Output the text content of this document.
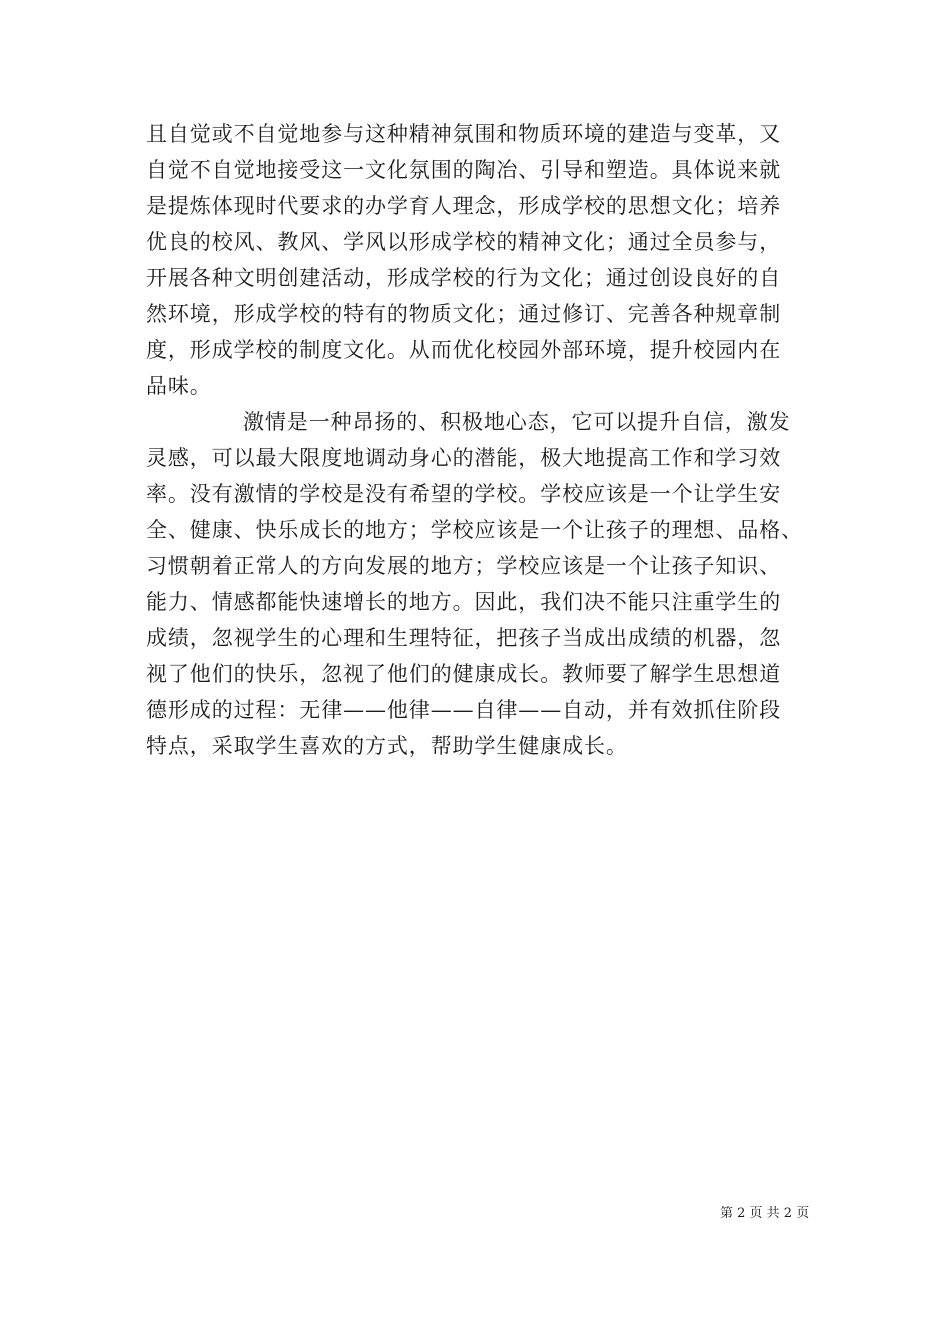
且自觉或不自觉地参与这种精神氛围和物质环境的建造与变革，又
自觉不自觉地接受这一文化氛围的陶冶、引导和塑造。具体说来就
是提炼体现时代要求的办学育人理念，形成学校的思想文化；培养
优良的校风、教风、学风以形成学校的精神文化；通过全员参与，
开展各种文明创建活动，形成学校的行为文化；通过创设良好的自
然环境，形成学校的特有的物质文化；通过修订、完善各种规章制
度，形成学校的制度文化。从而优化校园外部环境，提升校园内在
品味。
激情是一种昂扬的、积极地心态，它可以提升自信，激发
灵感，可以最大限度地调动身心的潜能，极大地提高工作和学习效
率。没有激情的学校是没有希望的学校。学校应该是一个让学生安
全、健康、快乐成长的地方；学校应该是一个让孩子的理想、品格、
习惯朝着正常人的方向发展的地方；学校应该是一个让孩子知识、
能力、情感都能快速增长的地方。因此，我们决不能只注重学生的
成绩，忽视学生的心理和生理特征，把孩子当成出成绩的机器，忽
视了他们的快乐，忽视了他们的健康成长。教师要了解学生思想道
德形成的过程：无律——他律——自律——自动，并有效抓住阶段
特点，采取学生喜欢的方式，帮助学生健康成长。
第 2 页 共 2 页
